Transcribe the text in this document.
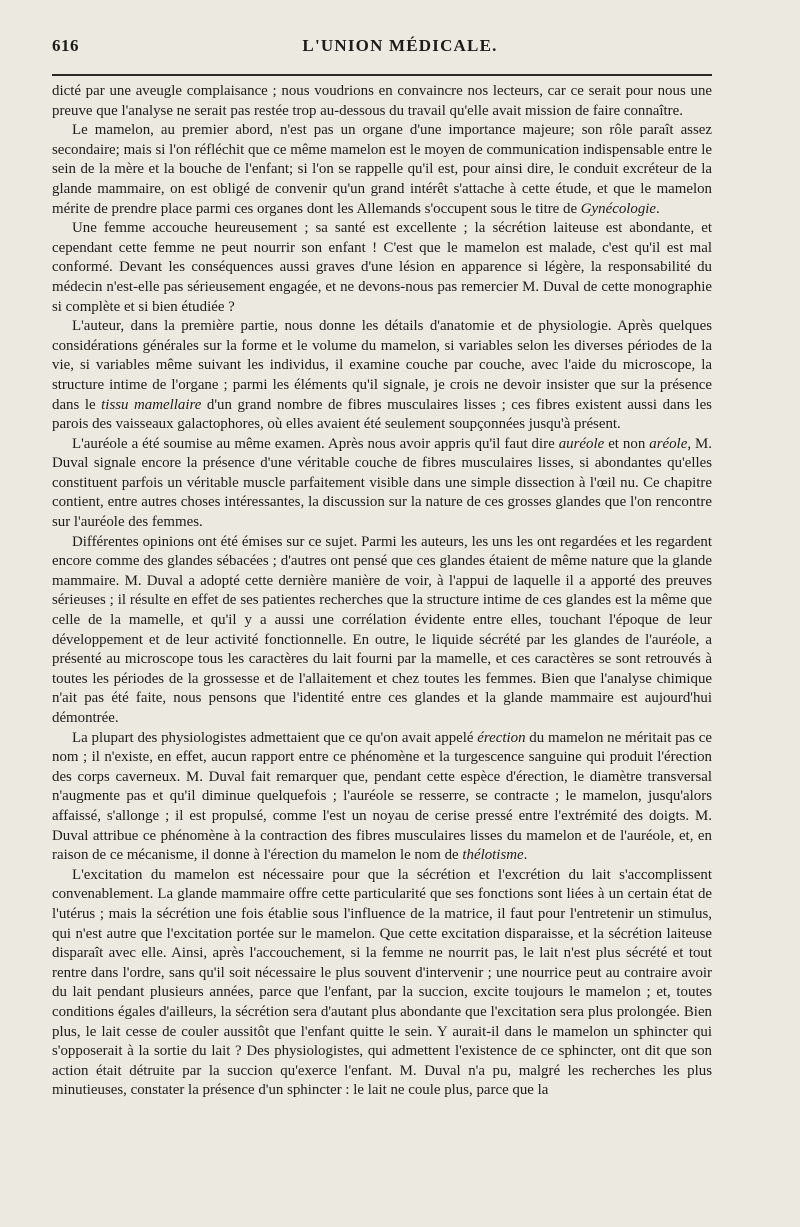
616	L'UNION MÉDICALE.

dicté par une aveugle complaisance ; nous voudrions en convaincre nos lecteurs, car ce serait pour nous une preuve que l'analyse ne serait pas restée trop au-dessous du travail qu'elle avait mission de faire connaître.

Le mamelon, au premier abord, n'est pas un organe d'une importance majeure; son rôle paraît assez secondaire; mais si l'on réfléchit que ce même mamelon est le moyen de communication indispensable entre le sein de la mère et la bouche de l'enfant; si l'on se rappelle qu'il est, pour ainsi dire, le conduit excréteur de la glande mammaire, on est obligé de convenir qu'un grand intérêt s'attache à cette étude, et que le mamelon mérite de prendre place parmi ces organes dont les Allemands s'occupent sous le titre de Gynécologie.

Une femme accouche heureusement ; sa santé est excellente ; la sécrétion laiteuse est abondante, et cependant cette femme ne peut nourrir son enfant ! C'est que le mamelon est malade, c'est qu'il est mal conformé. Devant les conséquences aussi graves d'une lésion en apparence si légère, la responsabilité du médecin n'est-elle pas sérieusement engagée, et ne devons-nous pas remercier M. Duval de cette monographie si complète et si bien étudiée ?

L'auteur, dans la première partie, nous donne les détails d'anatomie et de physiologie. Après quelques considérations générales sur la forme et le volume du mamelon, si variables selon les diverses périodes de la vie, si variables même suivant les individus, il examine couche par couche, avec l'aide du microscope, la structure intime de l'organe ; parmi les éléments qu'il signale, je crois ne devoir insister que sur la présence dans le tissu mamellaire d'un grand nombre de fibres musculaires lisses ; ces fibres existent aussi dans les parois des vaisseaux galactophores, où elles avaient été seulement soupçonnées jusqu'à présent.

L'auréole a été soumise au même examen. Après nous avoir appris qu'il faut dire auréole et non aréole, M. Duval signale encore la présence d'une véritable couche de fibres musculaires lisses, si abondantes qu'elles constituent parfois un véritable muscle parfaitement visible dans une simple dissection à l'œil nu. Ce chapitre contient, entre autres choses intéressantes, la discussion sur la nature de ces grosses glandes que l'on rencontre sur l'auréole des femmes.

Différentes opinions ont été émises sur ce sujet. Parmi les auteurs, les uns les ont regardées et les regardent encore comme des glandes sébacées ; d'autres ont pensé que ces glandes étaient de même nature que la glande mammaire. M. Duval a adopté cette dernière manière de voir, à l'appui de laquelle il a apporté des preuves sérieuses ; il résulte en effet de ses patientes recherches que la structure intime de ces glandes est la même que celle de la mamelle, et qu'il y a aussi une corrélation évidente entre elles, touchant l'époque de leur développement et de leur activité fonctionnelle. En outre, le liquide sécrété par les glandes de l'auréole, a présenté au microscope tous les caractères du lait fourni par la mamelle, et ces caractères se sont retrouvés à toutes les périodes de la grossesse et de l'allaitement et chez toutes les femmes. Bien que l'analyse chimique n'ait pas été faite, nous pensons que l'identité entre ces glandes et la glande mammaire est aujourd'hui démontrée.

La plupart des physiologistes admettaient que ce qu'on avait appelé érection du mamelon ne méritait pas ce nom ; il n'existe, en effet, aucun rapport entre ce phénomène et la turgescence sanguine qui produit l'érection des corps caverneux. M. Duval fait remarquer que, pendant cette espèce d'érection, le diamètre transversal n'augmente pas et qu'il diminue quelquefois ; l'auréole se resserre, se contracte ; le mamelon, jusqu'alors affaissé, s'allonge ; il est propulsé, comme l'est un noyau de cerise pressé entre l'extrémité des doigts. M. Duval attribue ce phénomène à la contraction des fibres musculaires lisses du mamelon et de l'auréole, et, en raison de ce mécanisme, il donne à l'érection du mamelon le nom de thélotisme.

L'excitation du mamelon est nécessaire pour que la sécrétion et l'excrétion du lait s'accomplissent convenablement. La glande mammaire offre cette particularité que ses fonctions sont liées à un certain état de l'utérus ; mais la sécrétion une fois établie sous l'influence de la matrice, il faut pour l'entretenir un stimulus, qui n'est autre que l'excitation portée sur le mamelon. Que cette excitation disparaisse, et la sécrétion laiteuse disparaît avec elle. Ainsi, après l'accouchement, si la femme ne nourrit pas, le lait n'est plus sécrété et tout rentre dans l'ordre, sans qu'il soit nécessaire le plus souvent d'intervenir ; une nourrice peut au contraire avoir du lait pendant plusieurs années, parce que l'enfant, par la succion, excite toujours le mamelon ; et, toutes conditions égales d'ailleurs, la sécrétion sera d'autant plus abondante que l'excitation sera plus prolongée. Bien plus, le lait cesse de couler aussitôt que l'enfant quitte le sein. Y aurait-il dans le mamelon un sphincter qui s'opposerait à la sortie du lait ? Des physiologistes, qui admettent l'existence de ce sphincter, ont dit que son action était détruite par la succion qu'exerce l'enfant. M. Duval n'a pu, malgré les recherches les plus minutieuses, constater la présence d'un sphincter : le lait ne coule plus, parce que la
